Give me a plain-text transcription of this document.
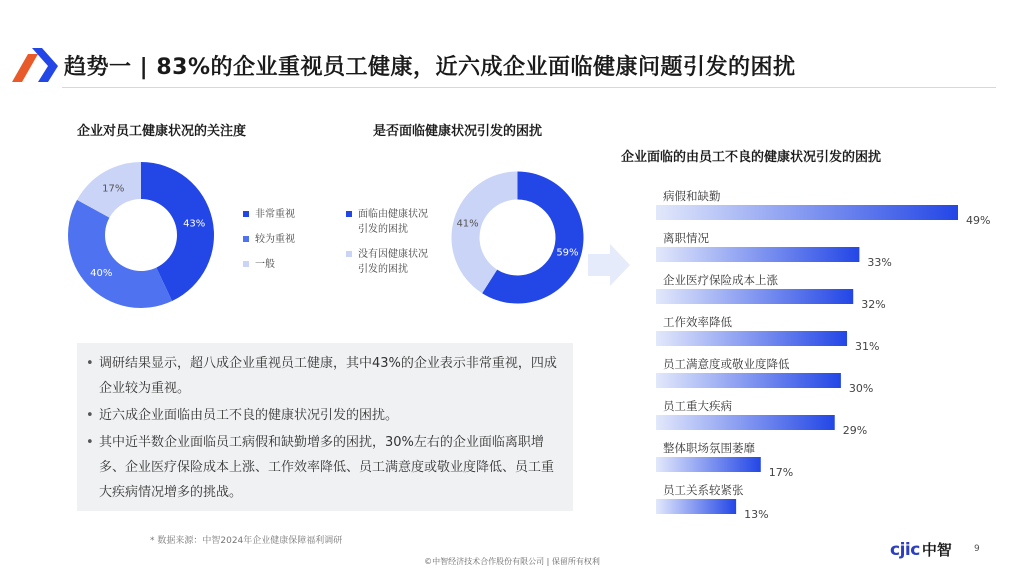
趋势一 | 83%的企业重视员工健康，近六成企业面临健康问题引发的困扰
企业对员工健康状况的关注度
43%
40%
17%
非常重视
较为重视
一般
是否面临健康状况引发的困扰
面临由健康状况
引发的困扰
没有因健康状况
引发的困扰
59%
41%
企业面临的由员工不良的健康状况引发的困扰
病假和缺勤
49%
离职情况
33%
企业医疗保险成本上涨
32%
工作效率降低
31%
员工满意度或敬业度降低
30%
员工重大疾病
29%
整体职场氛围萎靡
17%
员工关系较紧张
13%
• 调研结果显示，超八成企业重视员工健康，其中43%的企业表示非常重视，四成企业较为重视。
• 近六成企业面临由员工不良的健康状况引发的困扰。
• 其中近半数企业面临员工病假和缺勤增多的困扰，30%左右的企业面临离职增多、企业医疗保险成本上涨、工作效率降低、员工满意度或敬业度降低、员工重大疾病情况增多的挑战。
* 数据来源：中智2024年企业健康保障福利调研
©中智经济技术合作股份有限公司 | 保留所有权利
cjic 中智 9
